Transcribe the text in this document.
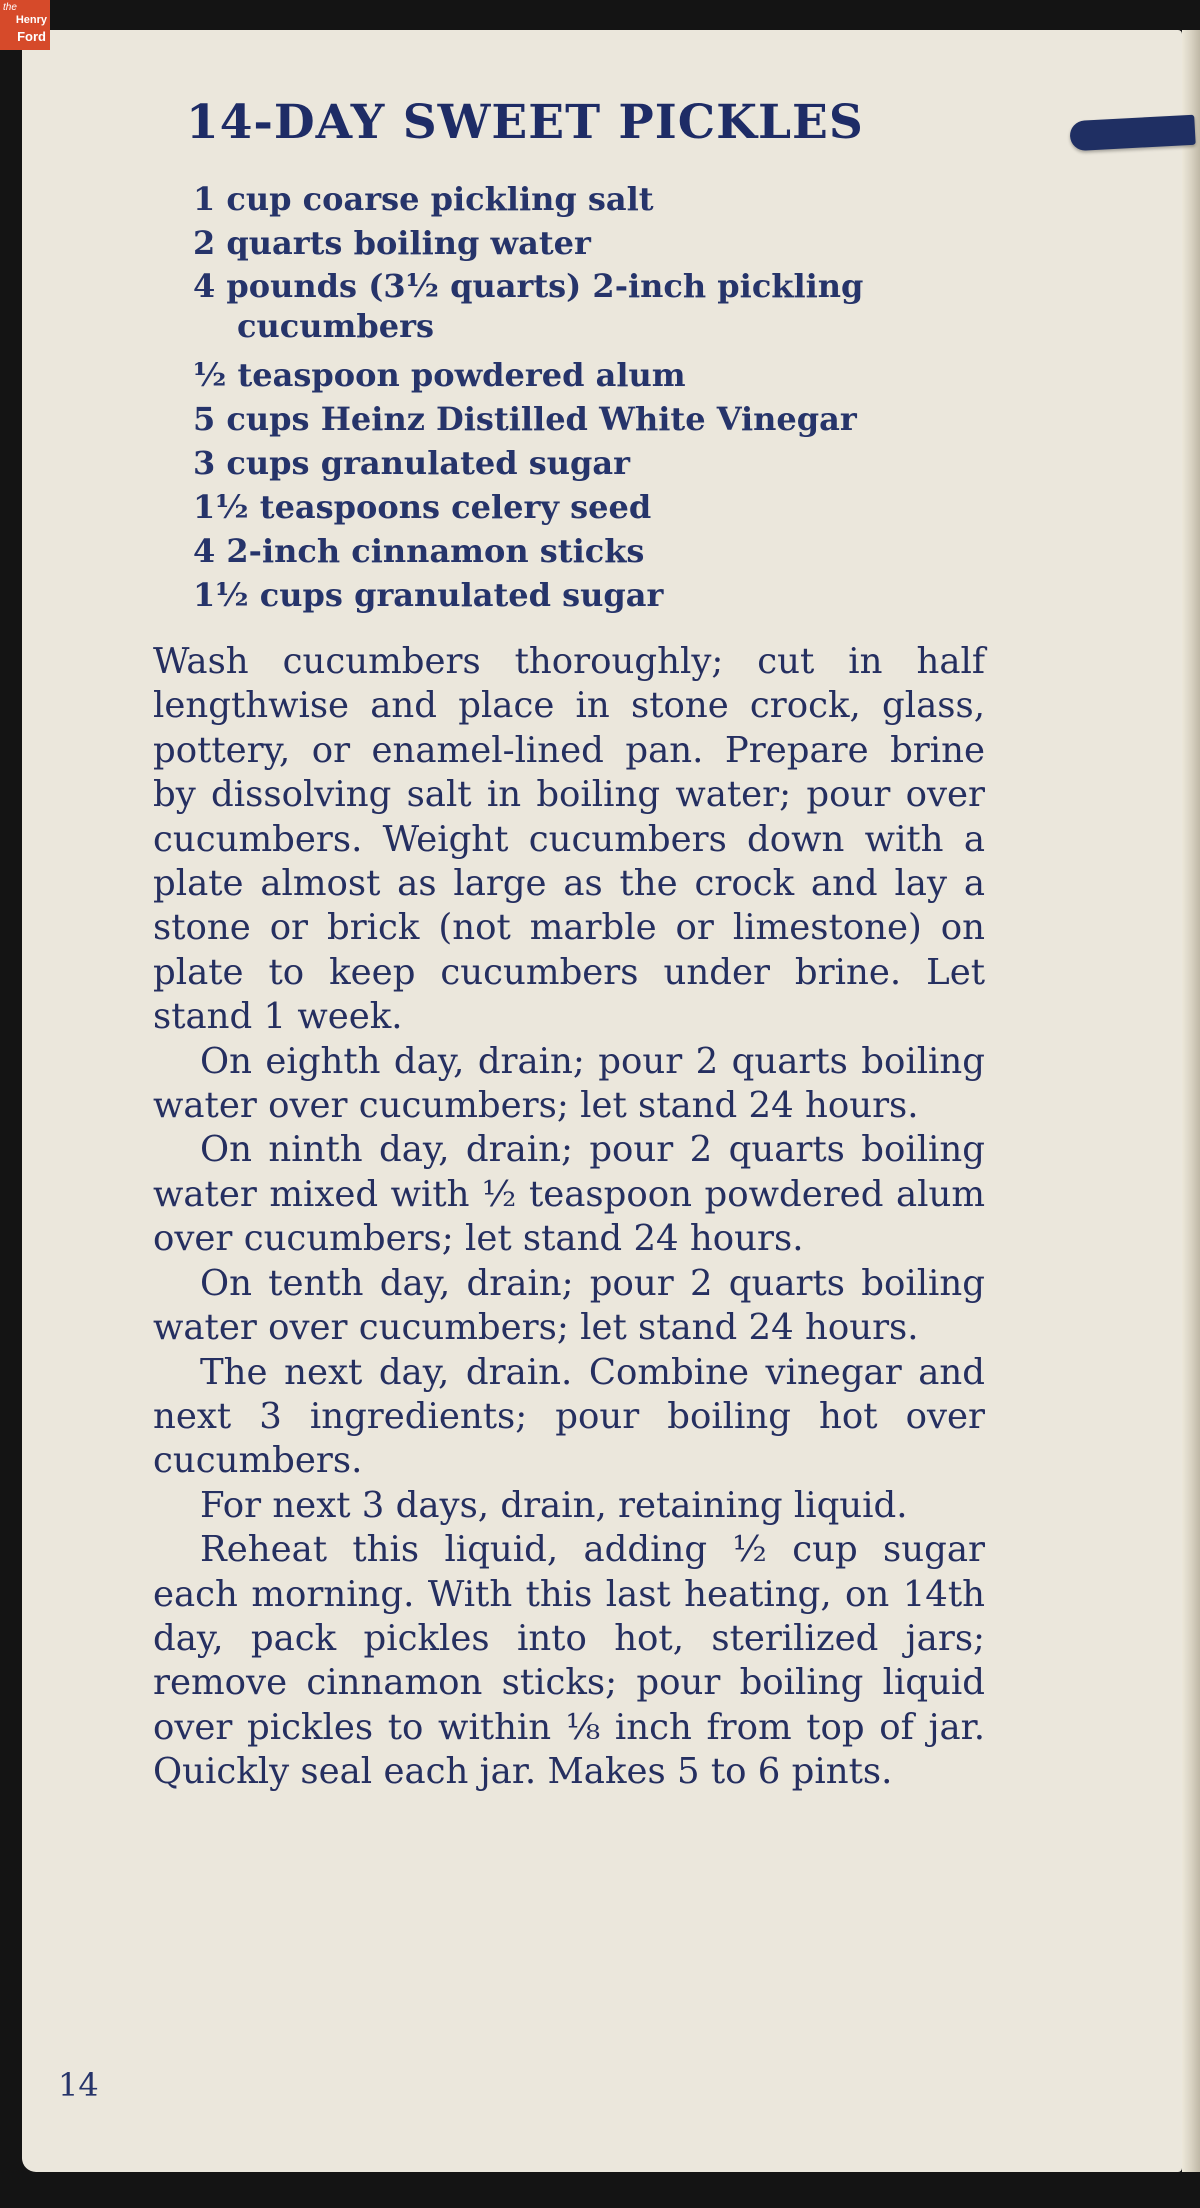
the
Henry
Ford
14-DAY SWEET PICKLES
1 cup coarse pickling salt
2 quarts boiling water
4 pounds (3½ quarts) 2-inch pickling cucumbers
½ teaspoon powdered alum
5 cups Heinz Distilled White Vinegar
3 cups granulated sugar
1½ teaspoons celery seed
4 2-inch cinnamon sticks
1½ cups granulated sugar

Wash cucumbers thoroughly; cut in half lengthwise and place in stone crock, glass, pottery, or enamel-lined pan. Prepare brine by dissolving salt in boiling water; pour over cucumbers. Weight cucumbers down with a plate almost as large as the crock and lay a stone or brick (not marble or limestone) on plate to keep cucumbers under brine. Let stand 1 week.

On eighth day, drain; pour 2 quarts boiling water over cucumbers; let stand 24 hours.

On ninth day, drain; pour 2 quarts boiling water mixed with ½ teaspoon powdered alum over cucumbers; let stand 24 hours.

On tenth day, drain; pour 2 quarts boiling water over cucumbers; let stand 24 hours.

The next day, drain. Combine vinegar and next 3 ingredients; pour boiling hot over cucumbers.

For next 3 days, drain, retaining liquid.

Reheat this liquid, adding ½ cup sugar each morning. With this last heating, on 14th day, pack pickles into hot, sterilized jars; remove cinnamon sticks; pour boiling liquid over pickles to within ⅛ inch from top of jar. Quickly seal each jar. Makes 5 to 6 pints.

14
